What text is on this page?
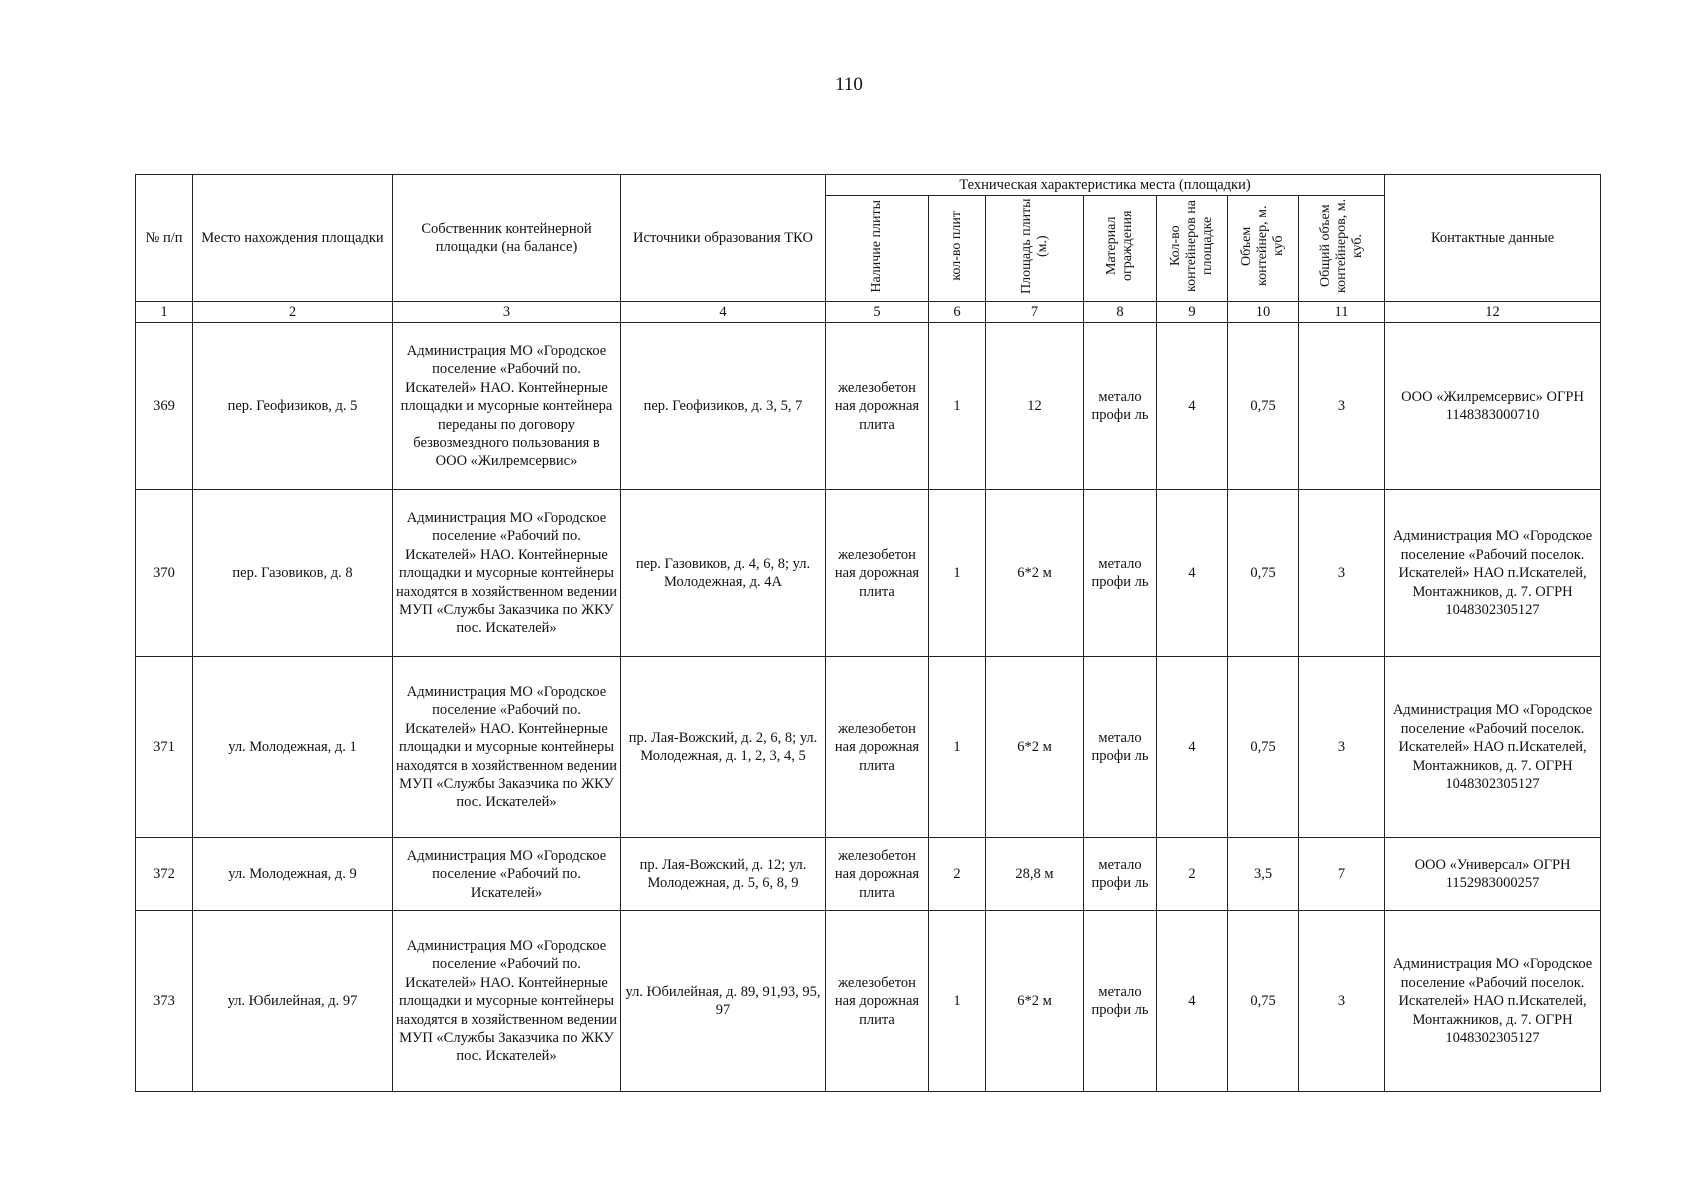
110
№ п/п	Место нахождения площадки	Собственник контейнерной площадки (на балансе)	Источники образования ТКО	Техническая характеристика места (площадки)							Контактные данные
				Наличие плиты	кол-во плит	Площадь плиты (м.)	Материал ограждения	Кол-во контейнеров на площадке	Объем контейнер, м. куб	Общий объем контейнеров, м. куб.	
1	2	3	4	5	6	7	8	9	10	11	12
369	пер. Геофизиков, д. 5	Администрация МО «Городское поселение «Рабочий по. Искателей» НАО. Контейнерные площадки и мусорные контейнера переданы по договору безвозмездного пользования в ООО «Жилремсервис»	пер. Геофизиков, д. 3, 5, 7	железобетон ная дорожная плита	1	12	метало профи ль	4	0,75	3	ООО «Жилремсервис» ОГРН 1148383000710
370	пер. Газовиков, д. 8	Администрация МО «Городское поселение «Рабочий по. Искателей» НАО. Контейнерные площадки и мусорные контейнеры находятся в хозяйственном ведении МУП «Службы Заказчика по ЖКУ пос. Искателей»	пер. Газовиков, д. 4, 6, 8; ул. Молодежная, д. 4А	железобетон ная дорожная плита	1	6*2 м	метало профи ль	4	0,75	3	Администрация МО «Городское поселение «Рабочий поселок. Искателей» НАО п.Искателей, Монтажников, д. 7. ОГРН 1048302305127
371	ул. Молодежная, д. 1	Администрация МО «Городское поселение «Рабочий по. Искателей» НАО. Контейнерные площадки и мусорные контейнеры находятся в хозяйственном ведении МУП «Службы Заказчика по ЖКУ пос. Искателей»	пр. Лая-Вожский, д. 2, 6, 8; ул. Молодежная, д. 1, 2, 3, 4, 5	железобетон ная дорожная плита	1	6*2 м	метало профи ль	4	0,75	3	Администрация МО «Городское поселение «Рабочий поселок. Искателей» НАО п.Искателей, Монтажников, д. 7. ОГРН 1048302305127
372	ул. Молодежная, д. 9	Администрация МО «Городское поселение «Рабочий по. Искателей»	пр. Лая-Вожский, д. 12; ул. Молодежная, д. 5, 6, 8, 9	железобетон ная дорожная плита	2	28,8 м	метало профи ль	2	3,5	7	ООО «Универсал» ОГРН 1152983000257
373	ул. Юбилейная, д. 97	Администрация МО «Городское поселение «Рабочий по. Искателей» НАО. Контейнерные площадки и мусорные контейнеры находятся в хозяйственном ведении МУП «Службы Заказчика по ЖКУ пос. Искателей»	ул. Юбилейная, д. 89, 91,93, 95, 97	железобетон ная дорожная плита	1	6*2 м	метало профи ль	4	0,75	3	Администрация МО «Городское поселение «Рабочий поселок. Искателей» НАО п.Искателей, Монтажников, д. 7. ОГРН 1048302305127
